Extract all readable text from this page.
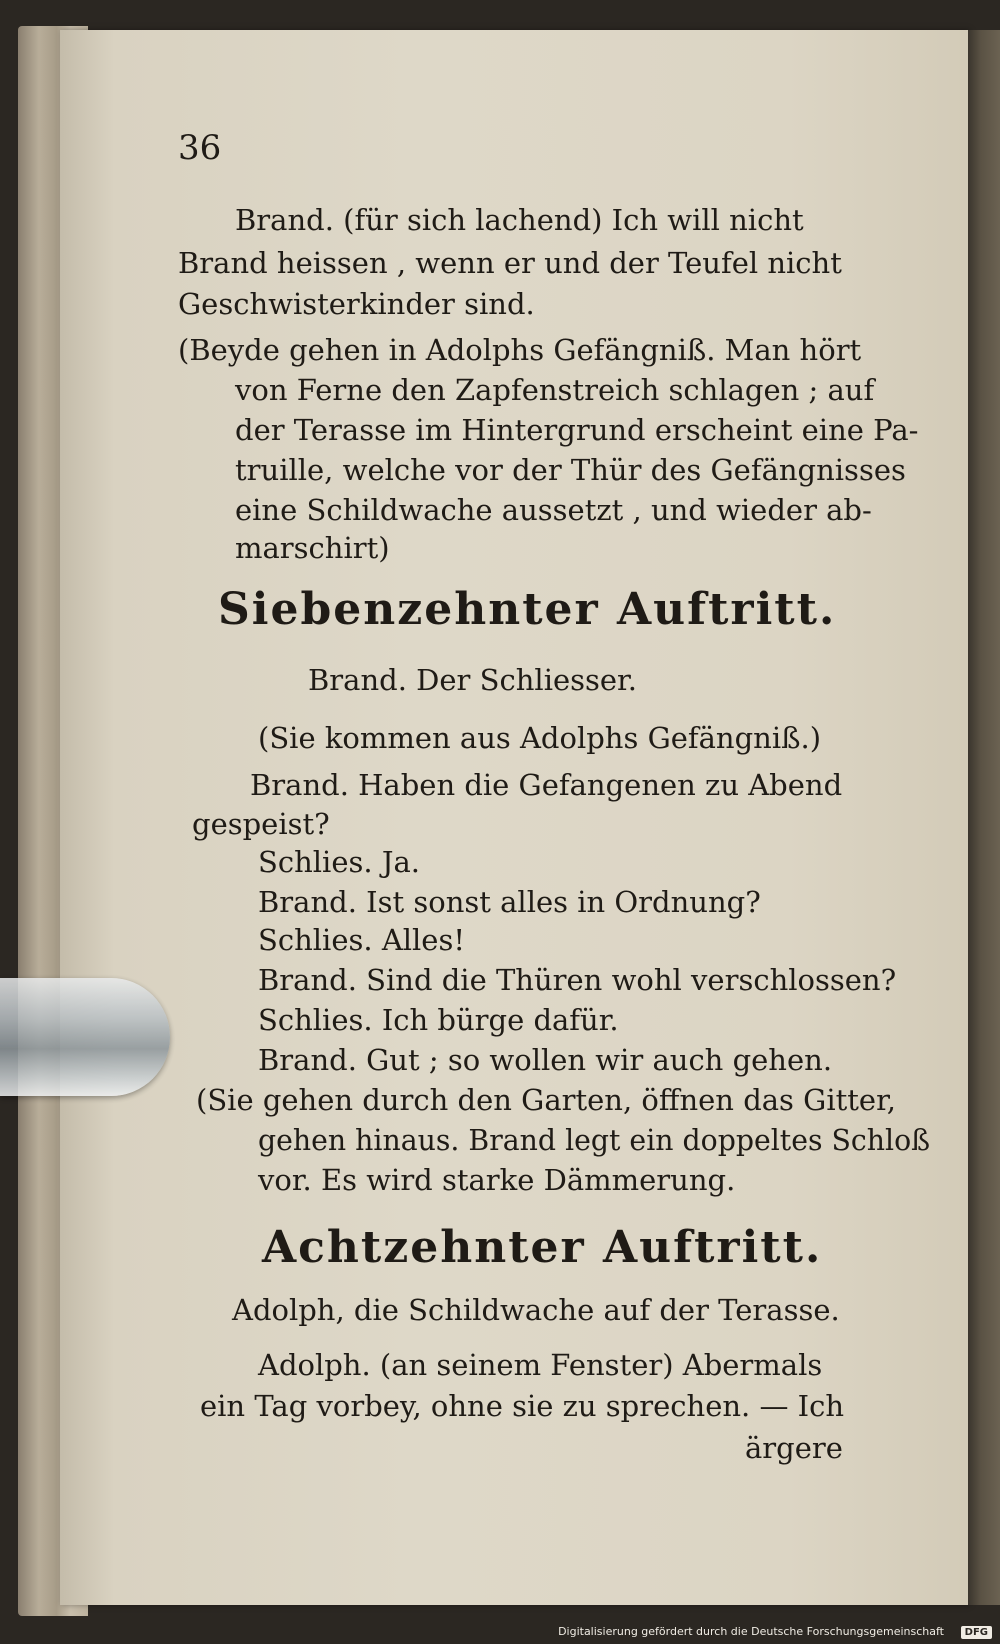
36
Brand. (für sich lachend) Ich will nicht
Brand heissen , wenn er und der Teufel nicht
Geschwisterkinder sind.
(Beyde gehen in Adolphs Gefängniß. Man hört
von Ferne den Zapfenstreich schlagen ; auf
der Terasse im Hintergrund erscheint eine Pa-
truille, welche vor der Thür des Gefängnisses
eine Schildwache aussetzt , und wieder ab-
marschirt)
Siebenzehnter Auftritt.
Brand. Der Schliesser.
(Sie kommen aus Adolphs Gefängniß.)
Brand. Haben die Gefangenen zu Abend
gespeist?
Schlies. Ja.
Brand. Ist sonst alles in Ordnung?
Schlies. Alles!
Brand. Sind die Thüren wohl verschlossen?
Schlies. Ich bürge dafür.
Brand. Gut ; so wollen wir auch gehen.
(Sie gehen durch den Garten, öffnen das Gitter,
gehen hinaus. Brand legt ein doppeltes Schloß
vor. Es wird starke Dämmerung.
Achtzehnter Auftritt.
Adolph, die Schildwache auf der Terasse.
Adolph. (an seinem Fenster) Abermals
ein Tag vorbey, ohne sie zu sprechen. — Ich
ärgere
Digitalisierung gefördert durch die Deutsche Forschungsgemeinschaft	DFG
